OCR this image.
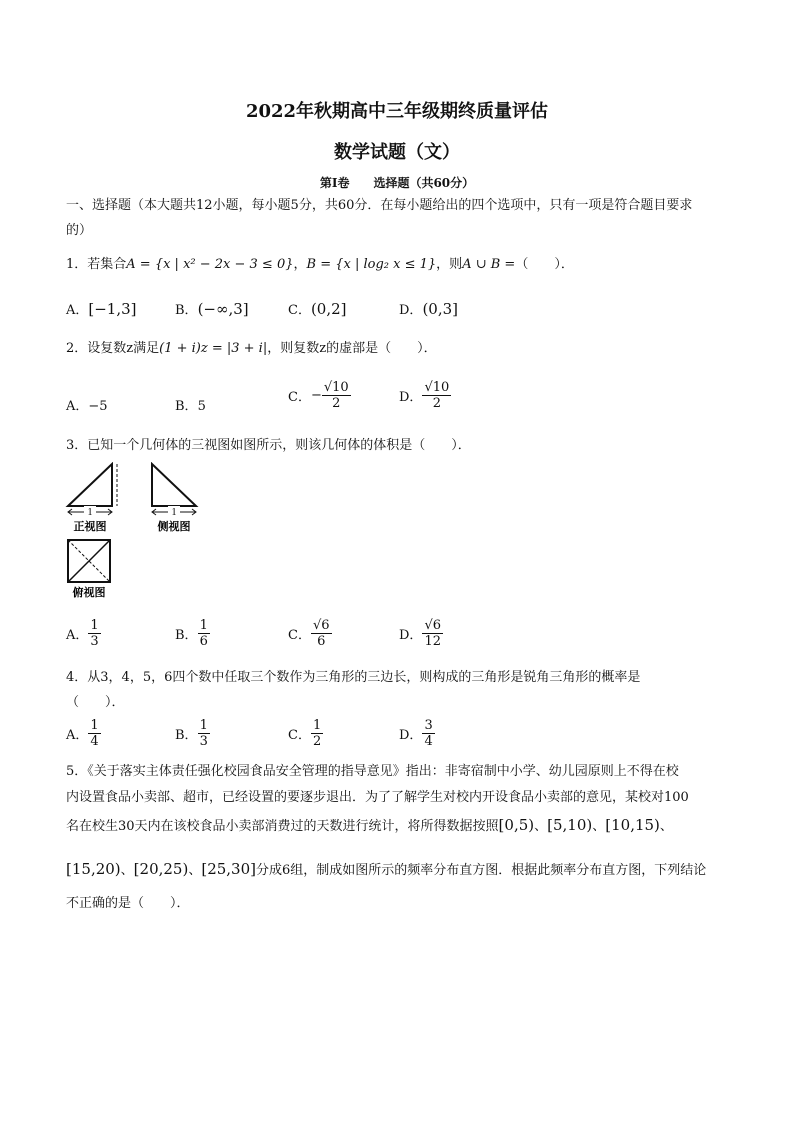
2022年秋期高中三年级期终质量评估
数学试题（文）
第I卷　　选择题（共60分）
一、选择题（本大题共12小题，每小题5分，共60分．在每小题给出的四个选项中，只有一项是符合题目要求
的）
1．若集合A = {x | x² − 2x − 3 ≤ 0}，B = {x | log₂ x ≤ 1}，则A ∪ B =（　　）．
A．[−1,3]	B．(−∞,3]	C．(0,2]	D．(0,3]
2．设复数z满足(1 + i)z = |3 + i|，则复数z的虚部是（　　）．
A．−5	B．5
C．− $\frac{√10}{2}$	D． $\frac{√10}{2}$
3．已知一个几何体的三视图如图所示，则该几何体的体积是（　　）．
1	1
正视图	侧视图
俯视图
A． $\frac{1}{3}$	B． $\frac{1}{6}$	C． $\frac{√6}{6}$	D． $\frac{√6}{12}$
4．从3，4，5，6四个数中任取三个数作为三角形的三边长，则构成的三角形是锐角三角形的概率是
（　　）．
A． $\frac{1}{4}$	B． $\frac{1}{3}$	C． $\frac{1}{2}$	D． $\frac{3}{4}$
5．《关于落实主体责任强化校园食品安全管理的指导意见》指出：非寄宿制中小学、幼儿园原则上不得在校
内设置食品小卖部、超市，已经设置的要逐步退出．为了了解学生对校内开设食品小卖部的意见，某校对100
名在校生30天内在该校食品小卖部消费过的天数进行统计，将所得数据按照[0,5)、[5,10)、[10,15)、
[15,20)、[20,25)、[25,30]分成6组，制成如图所示的频率分布直方图．根据此频率分布直方图，下列结论
不正确的是（　　）．
